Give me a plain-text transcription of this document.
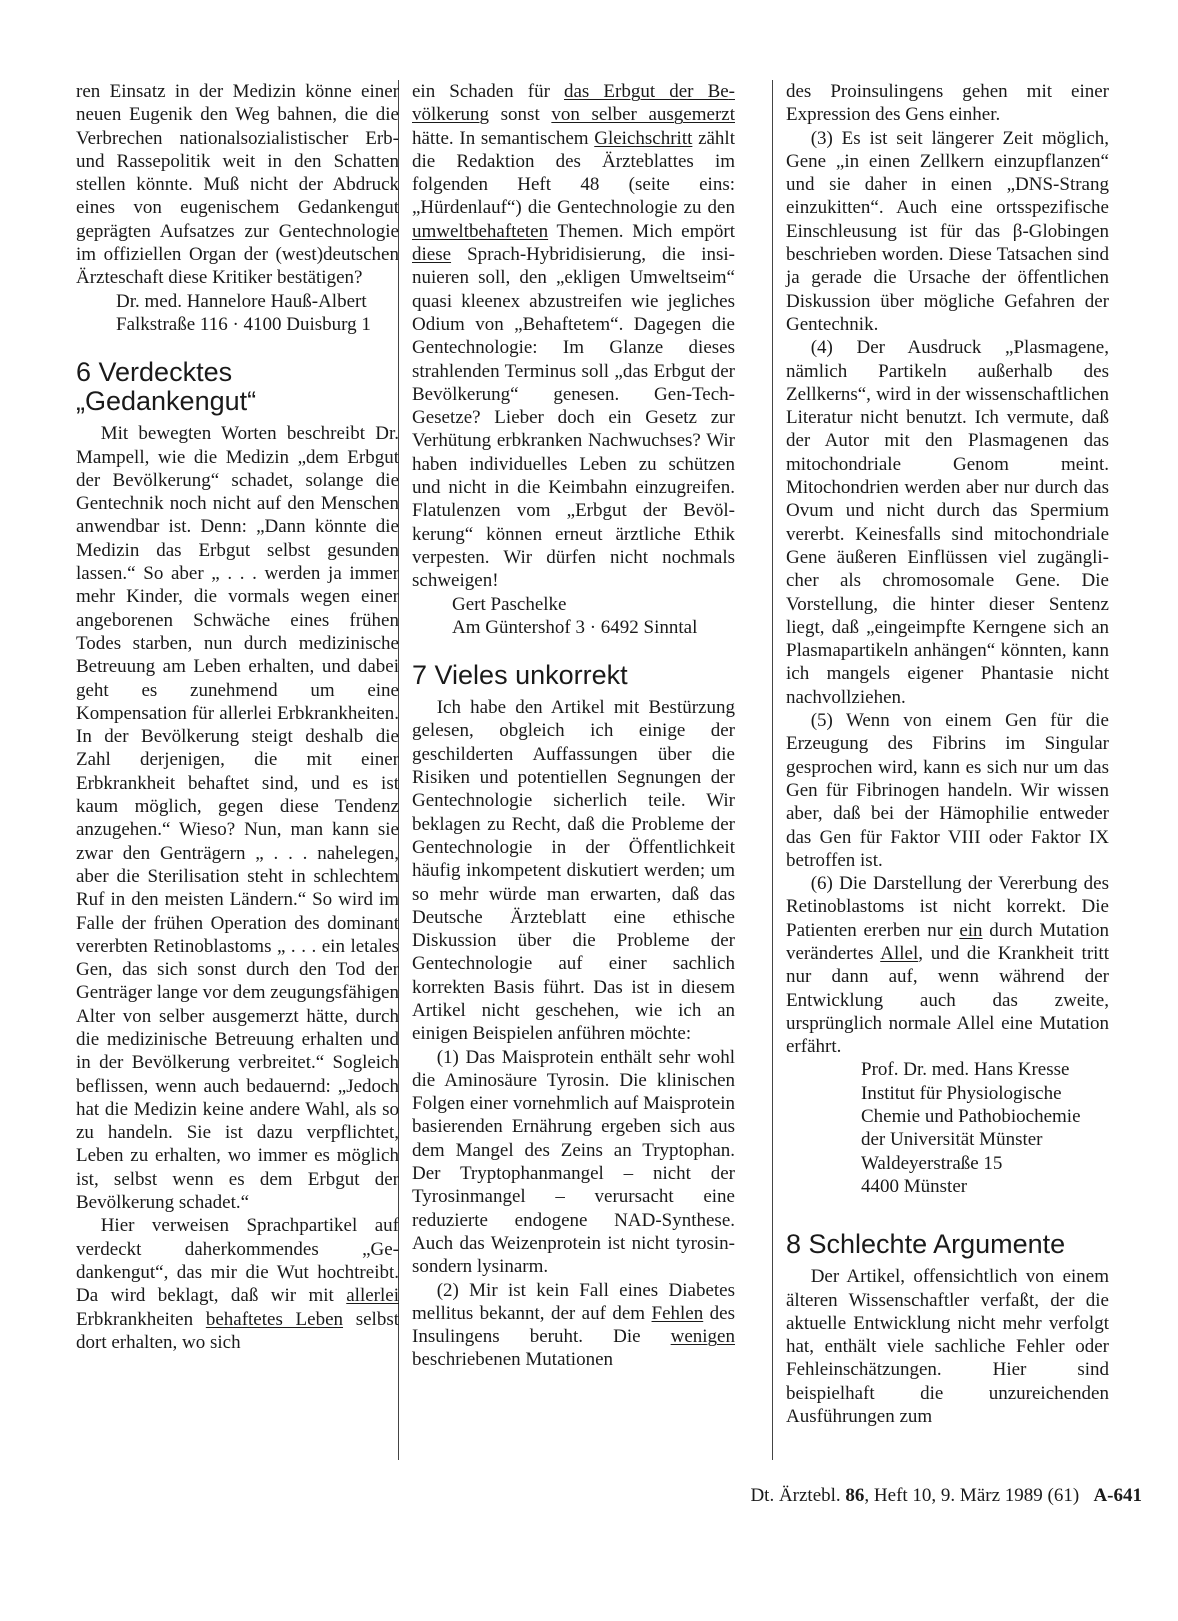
ren Einsatz in der Medizin könne einer neuen Eugenik den Weg bahnen, die die Verbrechen nationalsozialistischer Erb- und Rassepolitik weit in den Schatten stellen könnte. Muß nicht der Abdruck eines von eugenischem Gedankengut geprägten Aufsatzes zur Gentechnologie im offiziellen Organ der (west)deutschen Ärzteschaft diese Kritiker bestätigen?

Dr. med. Hannelore Hauß-Albert
Falkstraße 116 · 4100 Duisburg 1
6 Verdecktes
„Gedankengut“

Mit bewegten Worten beschreibt Dr. Mampell, wie die Medizin „dem Erbgut der Bevölkerung“ schadet, solange die Gentechnik noch nicht auf den Menschen anwendbar ist. Denn: „Dann könnte die Medizin das Erbgut selbst gesunden lassen.“ So aber „ . . . werden ja immer mehr Kinder, die vormals wegen einer angeborenen Schwäche eines frühen Todes starben, nun durch medizinische Betreuung am Leben erhalten, und dabei geht es zunehmend um eine Kompensation für allerlei Erbkrankheiten. In der Bevölkerung steigt deshalb die Zahl derjenigen, die mit einer Erbkrankheit behaftet sind, und es ist kaum möglich, gegen diese Tendenz anzugehen.“ Wieso? Nun, man kann sie zwar den Genträgern „ . . . nahelegen, aber die Sterilisation steht in schlechtem Ruf in den meisten Ländern.“ So wird im Falle der frühen Operation des dominant vererbten Retinoblastoms „ . . . ein letales Gen, das sich sonst durch den Tod der Genträger lange vor dem zeugungsfähigen Alter von selber ausgemerzt hätte, durch die medizinische Betreuung erhalten und in der Bevölkerung verbreitet.“ Sogleich beflissen, wenn auch bedauernd: „Jedoch hat die Medizin keine andere Wahl, als so zu handeln. Sie ist dazu verpflichtet, Leben zu erhalten, wo immer es möglich ist, selbst wenn es dem Erbgut der Bevölkerung schadet.“

Hier verweisen Sprachpartikel auf verdeckt daherkommendes „Gedankengut“, das mir die Wut hochtreibt. Da wird beklagt, daß wir mit allerlei Erbkrankheiten behaftetes Leben selbst dort erhalten, wo sich

ein Schaden für das Erbgut der Bevölkerung sonst von selber ausgemerzt hätte. In semantischem Gleichschritt zählt die Redaktion des Ärzteblattes im folgenden Heft 48 (seite eins: „Hürdenlauf“) die Gentechnologie zu den umweltbehafteten Themen. Mich empört diese Sprach-Hybridisierung, die insinuieren soll, den „ekligen Umweltseim“ quasi kleenex abzustreifen wie jegliches Odium von „Behaftetem“. Dagegen die Gentechnologie: Im Glanze dieses strahlenden Terminus soll „das Erbgut der Bevölkerung“ genesen. Gen-Tech-Gesetze? Lieber doch ein Gesetz zur Verhütung erbkranken Nachwuchses? Wir haben individuelles Leben zu schützen und nicht in die Keimbahn einzugreifen. Flatulenzen vom „Erbgut der Bevölkerung“ können erneut ärztliche Ethik verpesten. Wir dürfen nicht nochmals schweigen!

Gert Paschelke
Am Güntershof 3 · 6492 Sinntal
7 Vieles unkorrekt

Ich habe den Artikel mit Bestürzung gelesen, obgleich ich einige der geschilderten Auffassungen über die Risiken und potentiellen Segnungen der Gentechnologie sicherlich teile. Wir beklagen zu Recht, daß die Probleme der Gentechnologie in der Öffentlichkeit häufig inkompetent diskutiert werden; um so mehr würde man erwarten, daß das Deutsche Ärzteblatt eine ethische Diskussion über die Probleme der Gentechnologie auf einer sachlich korrekten Basis führt. Das ist in diesem Artikel nicht geschehen, wie ich an einigen Beispielen anführen möchte:

(1) Das Maisprotein enthält sehr wohl die Aminosäure Tyrosin. Die klinischen Folgen einer vornehmlich auf Maisprotein basierenden Ernährung ergeben sich aus dem Mangel des Zeins an Tryptophan. Der Tryptophanmangel – nicht der Tyrosinmangel – verursacht eine reduzierte endogene NAD-Synthese. Auch das Weizenprotein ist nicht tyrosin- sondern lysinarm.

(2) Mir ist kein Fall eines Diabetes mellitus bekannt, der auf dem Fehlen des Insulingens beruht. Die wenigen beschriebenen Mutationen

des Proinsulingens gehen mit einer Expression des Gens einher.

(3) Es ist seit längerer Zeit möglich, Gene „in einen Zellkern einzupflanzen“ und sie daher in einen „DNS-Strang einzukitten“. Auch eine ortsspezifische Einschleusung ist für das β-Globingen beschrieben worden. Diese Tatsachen sind ja gerade die Ursache der öffentlichen Diskussion über mögliche Gefahren der Gentechnik.

(4) Der Ausdruck „Plasmagene, nämlich Partikeln außerhalb des Zellkerns“, wird in der wissenschaftlichen Literatur nicht benutzt. Ich vermute, daß der Autor mit den Plasmagenen das mitochondriale Genom meint. Mitochondrien werden aber nur durch das Ovum und nicht durch das Spermium vererbt. Keinesfalls sind mitochondriale Gene äußeren Einflüssen viel zugänglicher als chromosomale Gene. Die Vorstellung, die hinter dieser Sentenz liegt, daß „eingeimpfte Kerngene sich an Plasmapartikeln anhängen“ könnten, kann ich mangels eigener Phantasie nicht nachvollziehen.

(5) Wenn von einem Gen für die Erzeugung des Fibrins im Singular gesprochen wird, kann es sich nur um das Gen für Fibrinogen handeln. Wir wissen aber, daß bei der Hämophilie entweder das Gen für Faktor VIII oder Faktor IX betroffen ist.

(6) Die Darstellung der Vererbung des Retinoblastoms ist nicht korrekt. Die Patienten ererben nur ein durch Mutation verändertes Allel, und die Krankheit tritt nur dann auf, wenn während der Entwicklung auch das zweite, ursprünglich normale Allel eine Mutation erfährt.

Prof. Dr. med. Hans Kresse
Institut für Physiologische
Chemie und Pathobiochemie
der Universität Münster
Waldeyerstraße 15
4400 Münster
8 Schlechte Argumente

Der Artikel, offensichtlich von einem älteren Wissenschaftler verfaßt, der die aktuelle Entwicklung nicht mehr verfolgt hat, enthält viele sachliche Fehler oder Fehleinschätzungen. Hier sind beispielhaft die unzureichenden Ausführungen zum

Dt. Ärztebl. 86, Heft 10, 9. März 1989 (61) A-641
